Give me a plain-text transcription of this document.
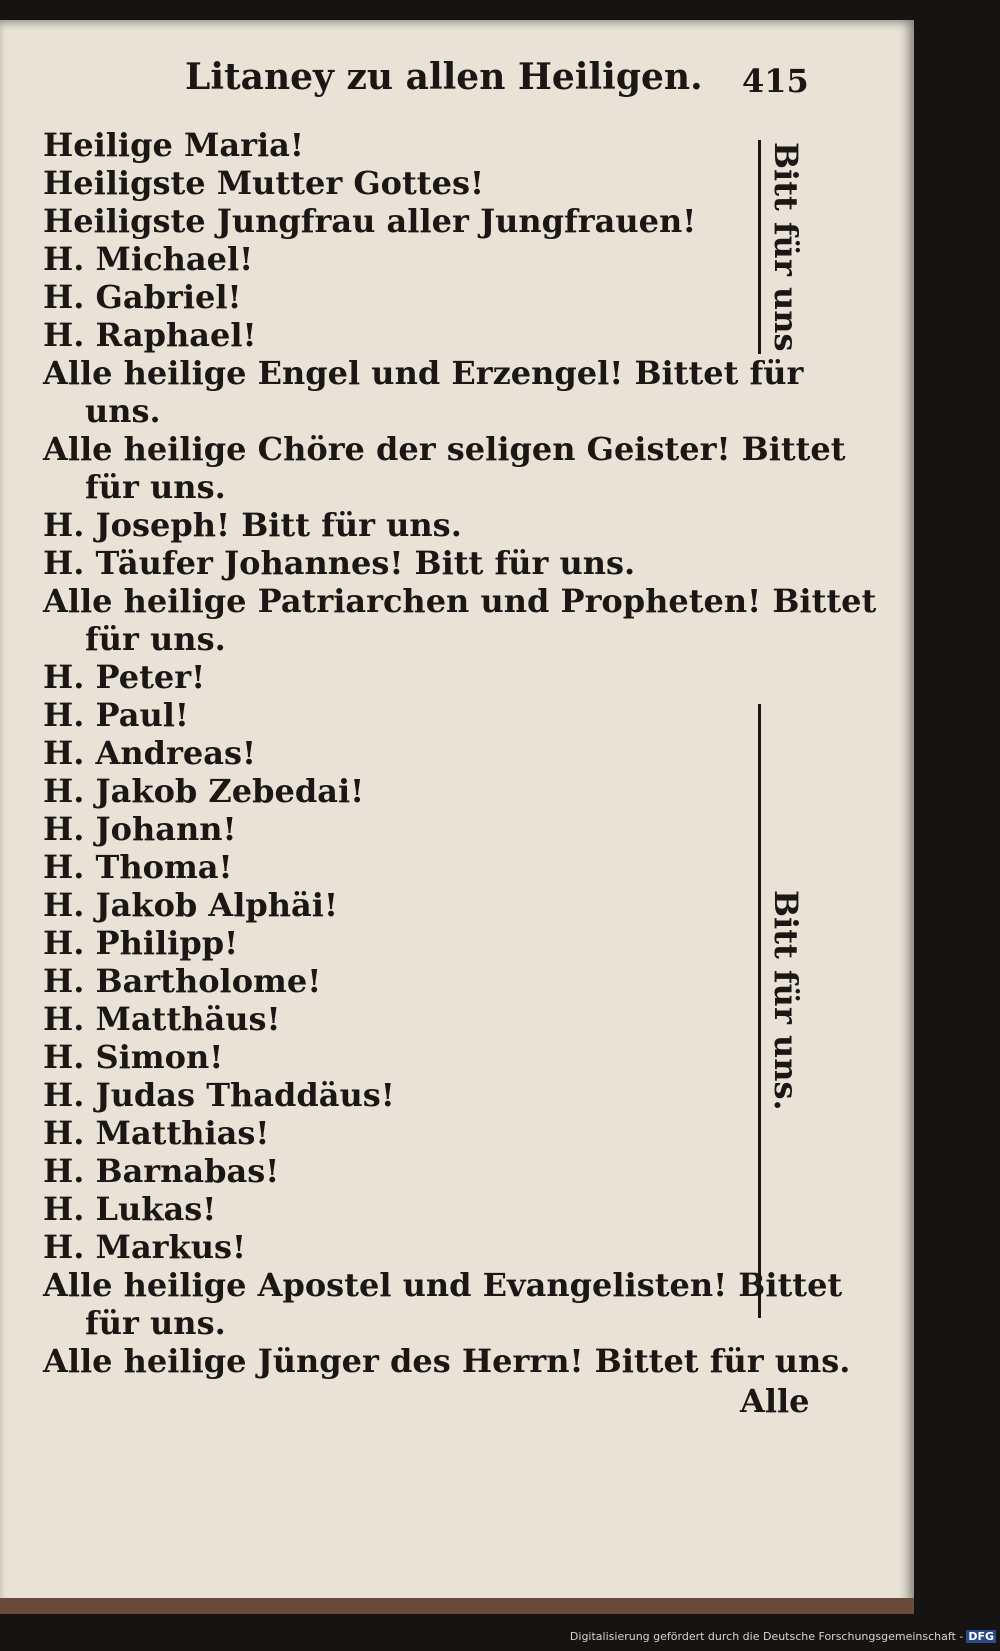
Litaney zu allen Heiligen. 415
Heilige Maria!
Heiligste Mutter Gottes!
Heiligste Jungfrau aller Jungfrauen!
H. Michael!
H. Gabriel!
H. Raphael!
Alle heilige Engel und Erzengel! Bittet für
uns.
Alle heilige Chöre der seligen Geister! Bittet
für uns.
H. Joseph! Bitt für uns.
H. Täufer Johannes! Bitt für uns.
Alle heilige Patriarchen und Propheten! Bittet
für uns.
H. Peter!
H. Paul!
H. Andreas!
H. Jakob Zebedai!
H. Johann!
H. Thoma!
H. Jakob Alphäi!
H. Philipp!
H. Bartholome!
H. Matthäus!
H. Simon!
H. Judas Thaddäus!
H. Matthias!
H. Barnabas!
H. Lukas!
H. Markus!
Alle heilige Apostel und Evangelisten! Bittet
für uns.
Alle heilige Jünger des Herrn! Bittet für uns.
Bitt für uns
Bitt für uns.
Alle
Digitalisierung gefördert durch die Deutsche Forschungsgemeinschaft - DFG
